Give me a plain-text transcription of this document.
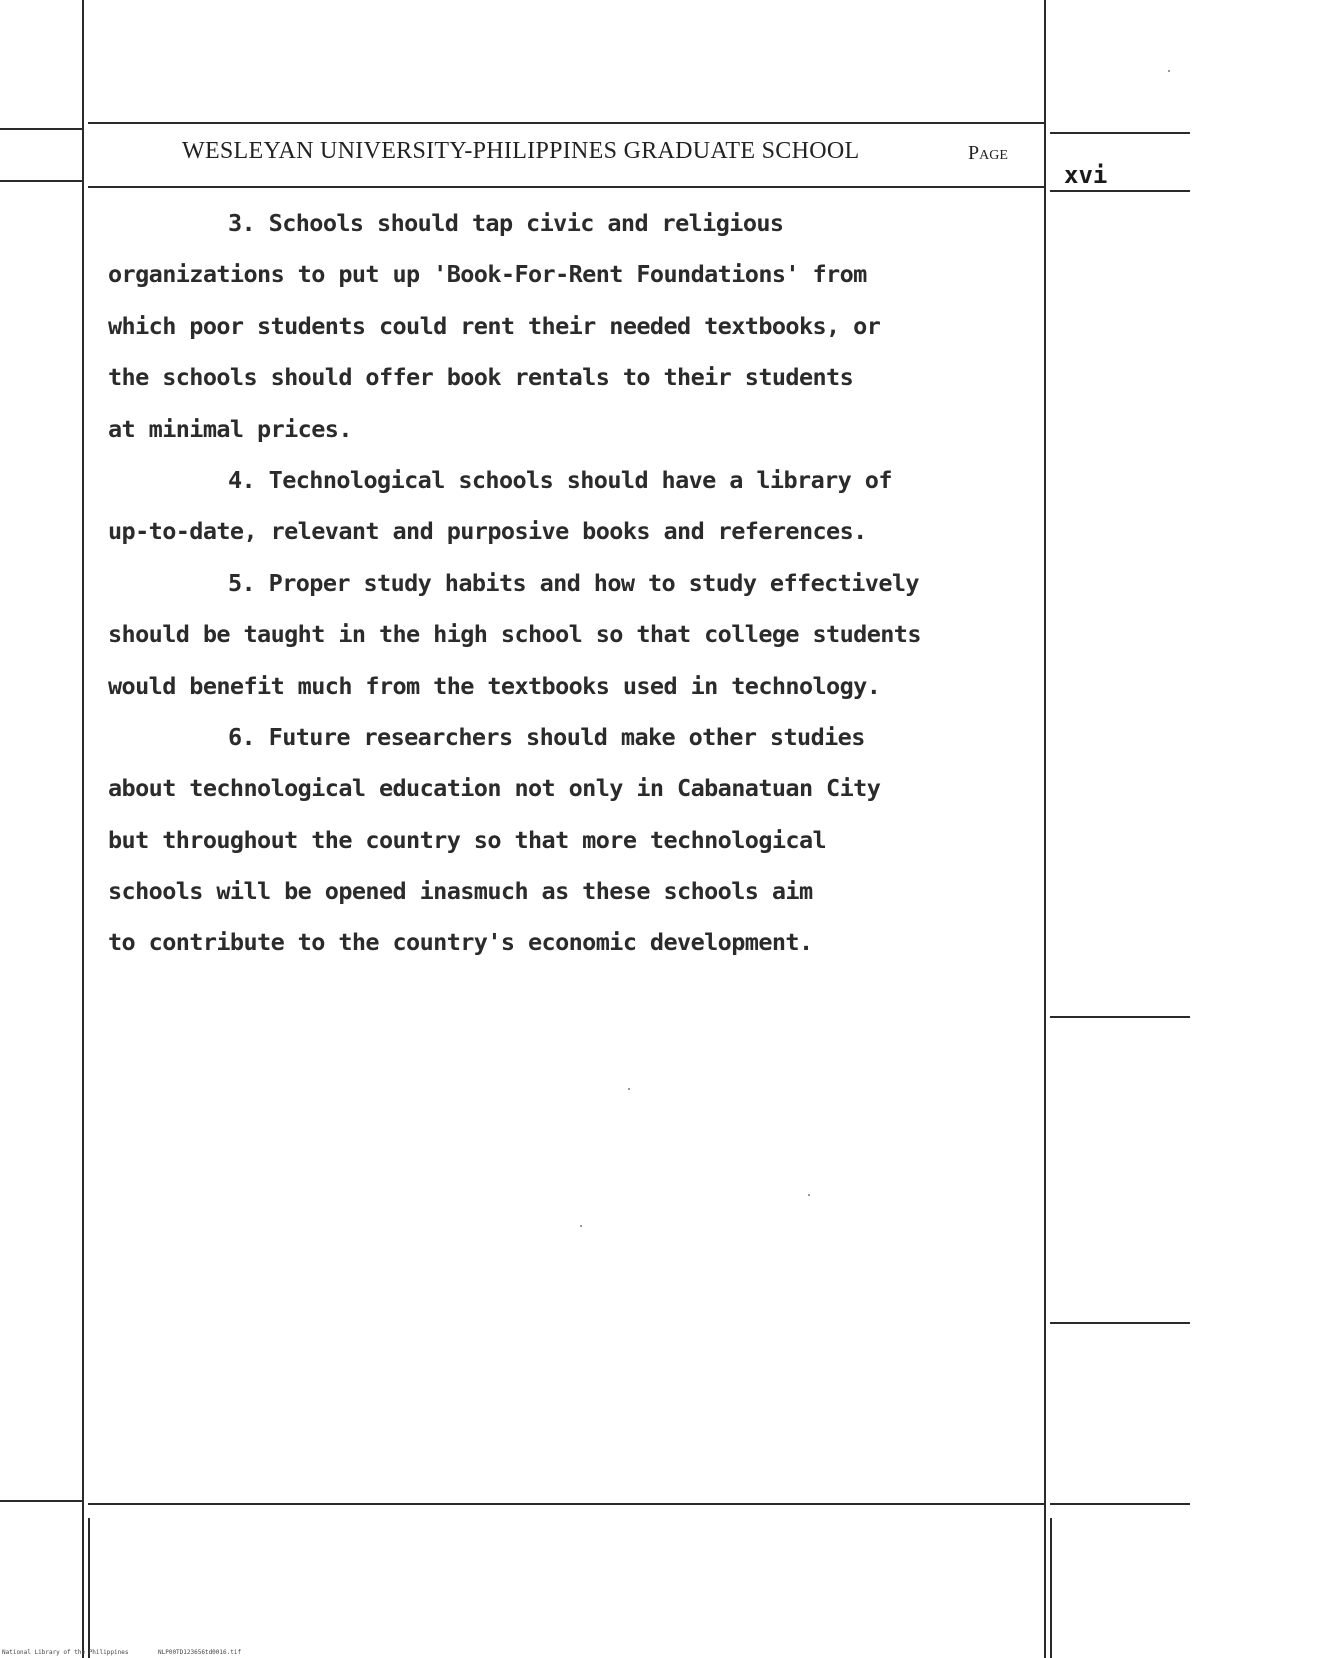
WESLEYAN UNIVERSITY-PHILIPPINES GRADUATE SCHOOL	Page
xvi
3. Schools should tap civic and religious
organizations to put up 'Book-For-Rent Foundations' from
which poor students could rent their needed textbooks, or
the schools should offer book rentals to their students
at minimal prices.
4. Technological schools should have a library of
up-to-date, relevant and purposive books and references.
5. Proper study habits and how to study effectively
should be taught in the high school so that college students
would benefit much from the textbooks used in technology.
6. Future researchers should make other studies
about technological education not only in Cabanatuan City
but throughout the country so that more technological
schools will be opened inasmuch as these schools aim
to contribute to the country's economic development.
National Library of the Philippines	NLP00TD123656td0016.tif
